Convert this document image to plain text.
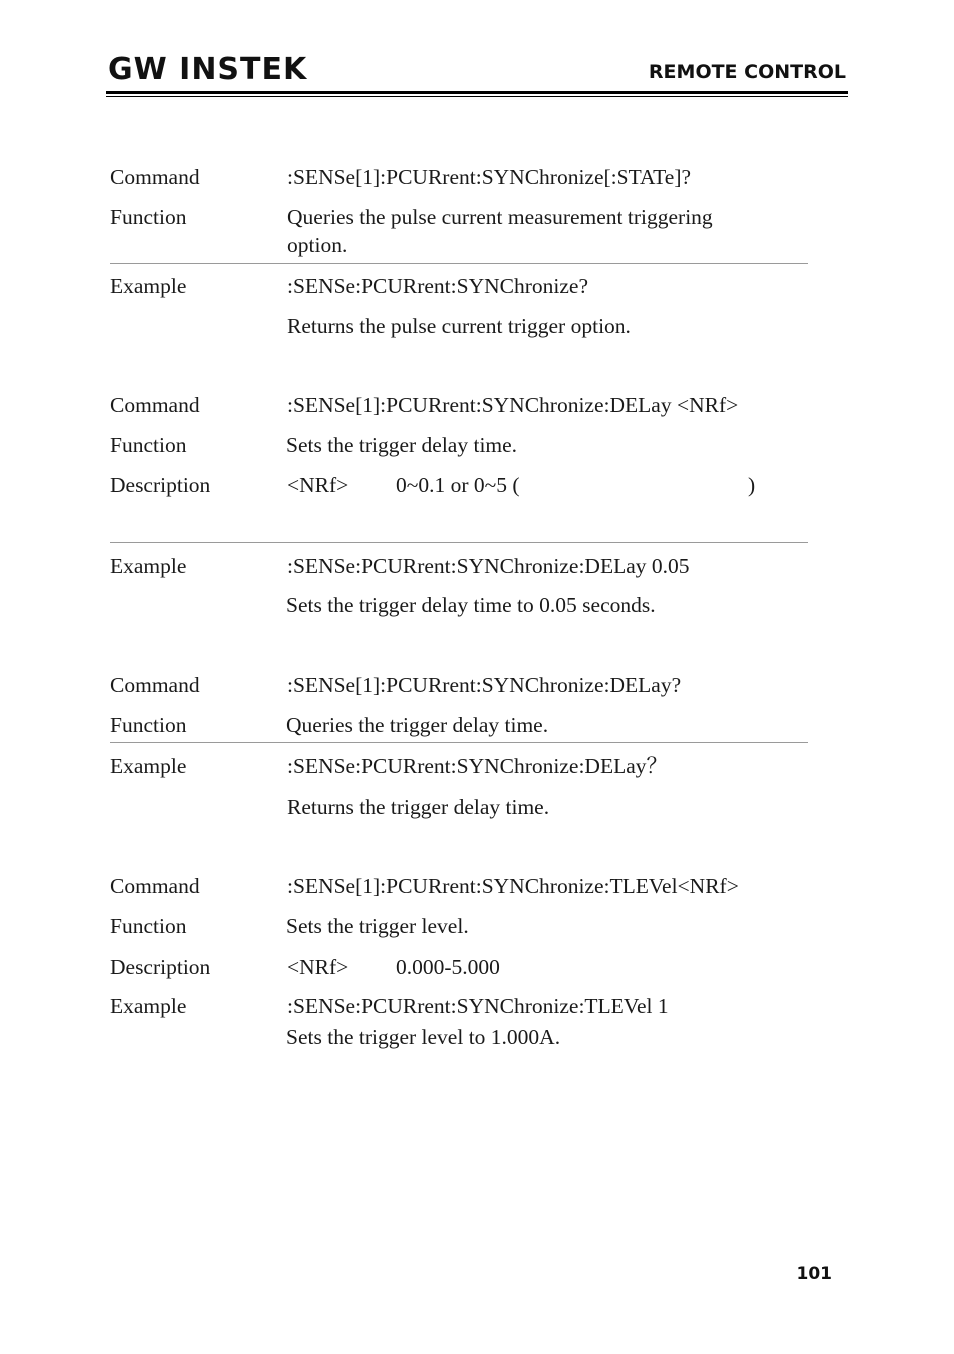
GW INSTEK	REMOTE CONTROL
Command	:SENSe[1]:PCURrent:SYNChronize[:STATe]?
Function	Queries the pulse current measurement triggering
option.
Example	:SENSe:PCURrent:SYNChronize?
Returns the pulse current trigger option.
Command	:SENSe[1]:PCURrent:SYNChronize:DELay <NRf>
Function	Sets the trigger delay time.
Description	<NRf> 0~0.1 or 0~5 (	)
Example	:SENSe:PCURrent:SYNChronize:DELay 0.05
Sets the trigger delay time to 0.05 seconds.
Command	:SENSe[1]:PCURrent:SYNChronize:DELay?
Function	Queries the trigger delay time.
Example	:SENSe:PCURrent:SYNChronize:DELay？
Returns the trigger delay time.
Command	:SENSe[1]:PCURrent:SYNChronize:TLEVel<NRf>
Function	Sets the trigger level.
Description	<NRf> 0.000-5.000
Example	:SENSe:PCURrent:SYNChronize:TLEVel 1
Sets the trigger level to 1.000A.
101
